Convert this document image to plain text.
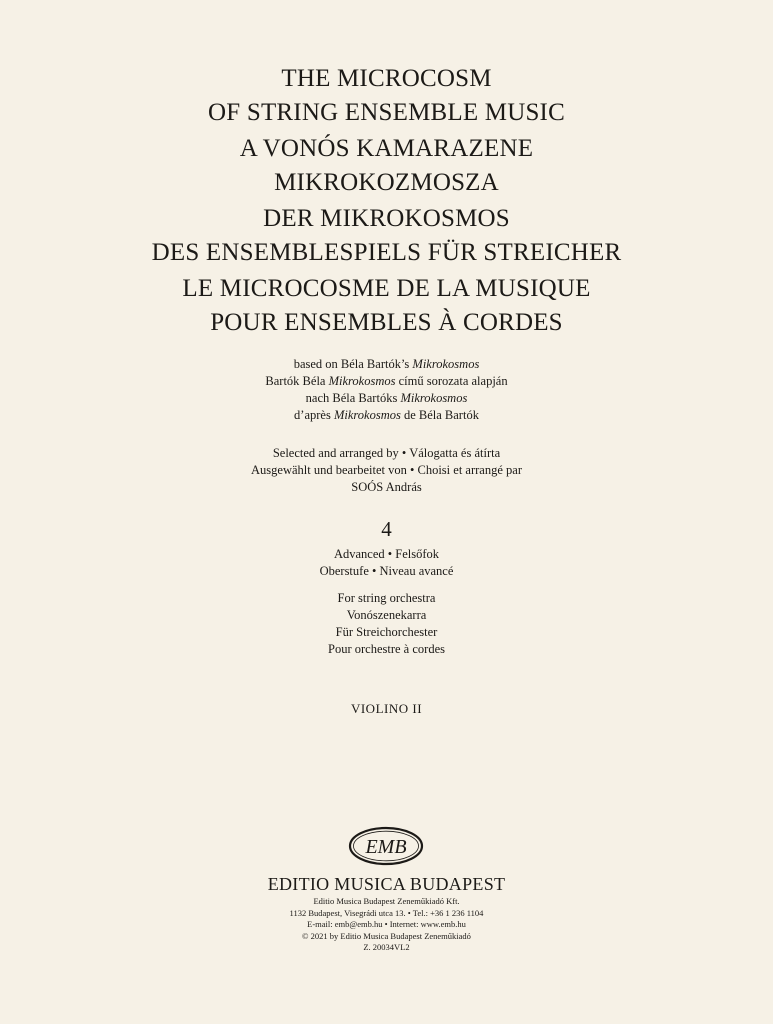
THE MICROCOSM
OF STRING ENSEMBLE MUSIC
A VONÓS KAMARAZENE
MIKROKOZMOSZA
DER MIKROKOSMOS
DES ENSEMBLESPIELS FÜR STREICHER
LE MICROCOSME DE LA MUSIQUE
POUR ENSEMBLES À CORDES
based on Béla Bartók’s Mikrokosmos
Bartók Béla Mikrokosmos című sorozata alapján
nach Béla Bartóks Mikrokosmos
d’après Mikrokosmos de Béla Bartók
Selected and arranged by • Válogatta és átírta
Ausgewählt und bearbeitet von • Choisi et arrangé par
SOÓS András
4
Advanced • Felsőfok
Oberstufe • Niveau avancé
For string orchestra
Vonószenekarra
Für Streichorchester
Pour orchestre à cordes
VIOLINO II
EMB
EDITIO MUSICA BUDAPEST
Editio Musica Budapest Zeneműkiadó Kft.
1132 Budapest, Visegrádi utca 13. • Tel.: +36 1 236 1104
E-mail: emb@emb.hu • Internet: www.emb.hu
© 2021 by Editio Musica Budapest Zeneműkiadó
Z. 20034VL2
